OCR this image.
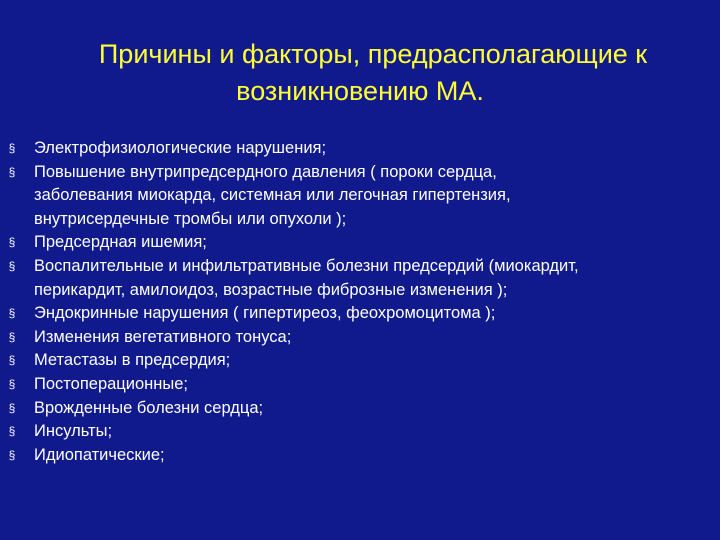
Причины и факторы, предрасполагающие к
возникновению МА.
§ Электрофизиологические нарушения;
§ Повышение внутрипредсердного давления ( пороки сердца,
заболевания миокарда, системная или легочная гипертензия,
внутрисердечные тромбы или опухоли );
§ Предсердная ишемия;
§ Воспалительные и инфильтративные болезни предсердий (миокардит,
перикардит, амилоидоз, возрастные фиброзные изменения );
§ Эндокринные нарушения ( гипертиреоз, феохромоцитома );
§ Изменения вегетативного тонуса;
§ Метастазы в предсердия;
§ Постоперационные;
§ Врожденные болезни сердца;
§ Инсульты;
§ Идиопатические;
